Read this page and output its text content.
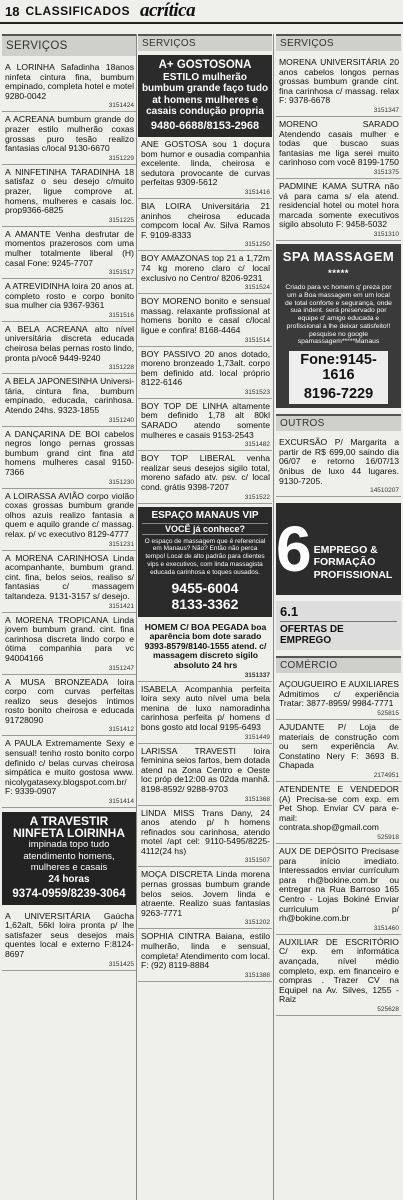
18 CLASSIFICADOS acrítica
SERVIÇOS
A LORINHA Safadinha 18anos ninfeta cintura fina, bumbum empinado, completa hotel e motel 9280-0042
3151424
A ACREANA bumbum grande do prazer estilo mulherão coxas grossas puro tesão realizo fantasias c/local 9130-6670
3151229
A NINFETINHA TARADINHA 18 satisfaz o seu desejo c/muito prazer, ligue comprove at. homens, mulheres e casais loc. prop9366-6825
3151225
A AMANTE Venha desfrutar de momentos prazerosos com uma mulher totalmente liberal (H) casal Fone: 9245-7707
3151517
A ATREVIDINHA loira 20 anos at. completo rosto e corpo bonito sua mulher cia 9367-9361
3151516
A BELA ACREANA alto nível universitária discreta educada cheirosa belas pernas rosto lindo, pronta p/você 9449-9240
3151228
A BELA JAPONESINHA Universi-tária, cintura fina, bumbum empinado, educada, carinhosa. Atendo 24hs. 9323-1855
3151240
A DANÇARINA DE BOI cabelos negros longo pernas grossas bumbum grand cint fina atd homens mulheres casal 9150-7366
3151230
A LOIRASSA AVIÃO corpo violão coxas grossas bumbum grande olhos azuis realizo fantasia a quem e aquilo grande c/ massag. relax. p/ vc executivo 8129-4777
3151231
A MORENA CARINHOSA Linda acompanhante, bumbum grand. cint. fina, belos seios, realiso s/ fantasias c/ massagem taltandeza. 9131-3157 s/ desejo.
3151421
A MORENA TROPICANA Linda jovem bumbum grand. cint. fina carinhosa discreta lindo corpo e ótima companhia para vc 94004166
3151247
A MUSA BRONZEADA loira corpo com curvas perfeitas realizo seus desejos íntimos rosto bonito cheirosa e educada 91728090
3151412
A PAULA Extremamente Sexy e sensual! tenho rosto bonito corpo definido c/ belas curvas cheirosa simpática e muito gostosa www. nicolygatasexy.blogspot.com.br/ F: 9339-0907
3151414
A TRAVESTIR
NINFETA LOIRINHA
impinada topo tudo atendimento homens, mulheres e casais
24 horas
9374-0959/8239-3064
A UNIVERSITÁRIA Gaúcha 1,62alt, 56kl loira pronta p/ lhe satisfazer seus desejos mais quentes local e externo F:8124-8697
3151425
SERVIÇOS
A+ GOSTOSONA
ESTILO mulherão bumbum grande faço tudo at homens mulheres e casais condução propria
9480-6688/8153-2968
ANE GOSTOSA sou 1 doçura bom humor e ousadia companhia excelente. linda, cheirosa e sedutora provocante de curvas perfeitas 9309-5612
3151416
BIA LOIRA Universitária 21 aninhos cheirosa educada compcom local Av. Silva Ramos F. 9109-8333
3151250
BOY AMAZONAS top 21 a 1,72m 74 kg moreno claro c/ local exclusivo no Centro/ 8206-9231
3151524
BOY MORENO bonito e sensual massag. relaxante profissional at homens bonito e casal c/local ligue e confira! 8168-4464
3151514
BOY PASSIVO 20 anos dotado, moreno bronzeado 1,73alt. corpo bem definido atd. local próprio 8122-6146
3151523
BOY TOP DE LINHA altamente bem definido 1,78 alt 80kl SARADO atendo somente mulheres e casais 9153-2543
3151482
BOY TOP LIBERAL venha realizar seus desejos sigilo total, moreno safado atv. psv. c/ local cond. grátis 9398-7207
3151522
ESPAÇO MANAUS VIP
VOCÊ já conhece?
O espaço de massagem que é referencial em Manaus? Não? Então não perca tempo! Local de alto padrão para clientes vips e executivos, com linda massagista educada carinhosa e toques ousados.
9455-6004
8133-3362
HOMEM C/ BOA PEGADA boa aparência bom dote sarado 9393-8579/8140-1555 atend. c/ massagem discreto sigilo absoluto 24 hrs
3151337
ISABELA Acompanhia perfeita loira sexy auto nível uma bela menina de luxo namoradinha carinhosa perfeita p/ homens d bons gosto atd local 9195-6493
3151449
LARISSA TRAVESTI loira feminina seios fartos, bem dotada atend na Zona Centro e Oeste loc próp de12:00 as 02da manhã. 8198-8592/ 9288-9703
3151368
LINDA MISS Trans Dany, 24 anos atendo p/ h homens refinados sou carinhosa, atendo motel /apt cel: 9110-5495/8225-4112(24 hs)
3151507
MOÇA DISCRETA Linda morena pernas grossas bumbum grande belos seios. Jovem linda e atraente. Realizo suas fantasias 9263-7771
3151202
SOPHIA CINTRA Baiana, estilo mulherão, linda e sensual, completa! Atendimento com local. F: (92) 8119-8884
3151388
SERVIÇOS
MORENA UNIVERSITÁRIA 20 anos cabelos longos pernas grossas bumbum grande cint. fina carinhosa c/ massag. relax F: 9378-6678
3151347
MORENO SARADO Atendendo casais mulher e todas que buscao suas fantasias me liga serei muito carinhoso com você 8199-1750
3151375
PADMINE KAMA SUTRA não vá para cama s/ ela atend. residencial hotel ou motel hora marcada somente executivos sigilo absoluto F: 9458-5032
3151310
SPA MASSAGEM *****
Criado para vc homem q' preza por um a Boa massagem em um local de total conforte e segurança, onde sua indent. será preservado por equipe d' amigo educada e profissional a lhe deixar satisfeito!! pesquise no google spamassagem*****Manaus
Fone:9145-1616
8196-7229
OUTROS
EXCURSÃO P/ Margarita a partir de R$ 699,00 saindo dia 06/07 e retorno 16/07/13 ônibus de luxo 44 lugares. 9130-7205.
14510207
6 EMPREGO & FORMAÇÃO PROFISSIONAL
6.1
OFERTAS DE EMPREGO
COMÉRCIO
AÇOUGUEIRO E AUXILIARES Admitimos c/ experiência Tratar: 3877-8959/ 9984-7771
525815
AJUDANTE P/ Loja de materiais de construção com ou sem experiência Av. Constatino Nery F: 3693 B. Chapada
2174951
ATENDENTE E VENDEDOR (A) Precisa-se com exp. em Pet Shop. Enviar CV para e-mail: contrata.shop@gmail.com
525918
AUX DE DEPÓSITO Precisase para início imediato. Interessados enviar currículum para rh@bokine.com.br ou entregar na Rua Barroso 165 Centro - Lojas Bokiné Enviar curriculum p/ rh@bokine.com.br
3151460
AUXILIAR DE ESCRITÓRIO C/ exp. em informática avançada, nível médio completo, exp. em financeiro e compras . Trazer CV na Equipel na Av. Silves, 1255 - Raiz
525628
